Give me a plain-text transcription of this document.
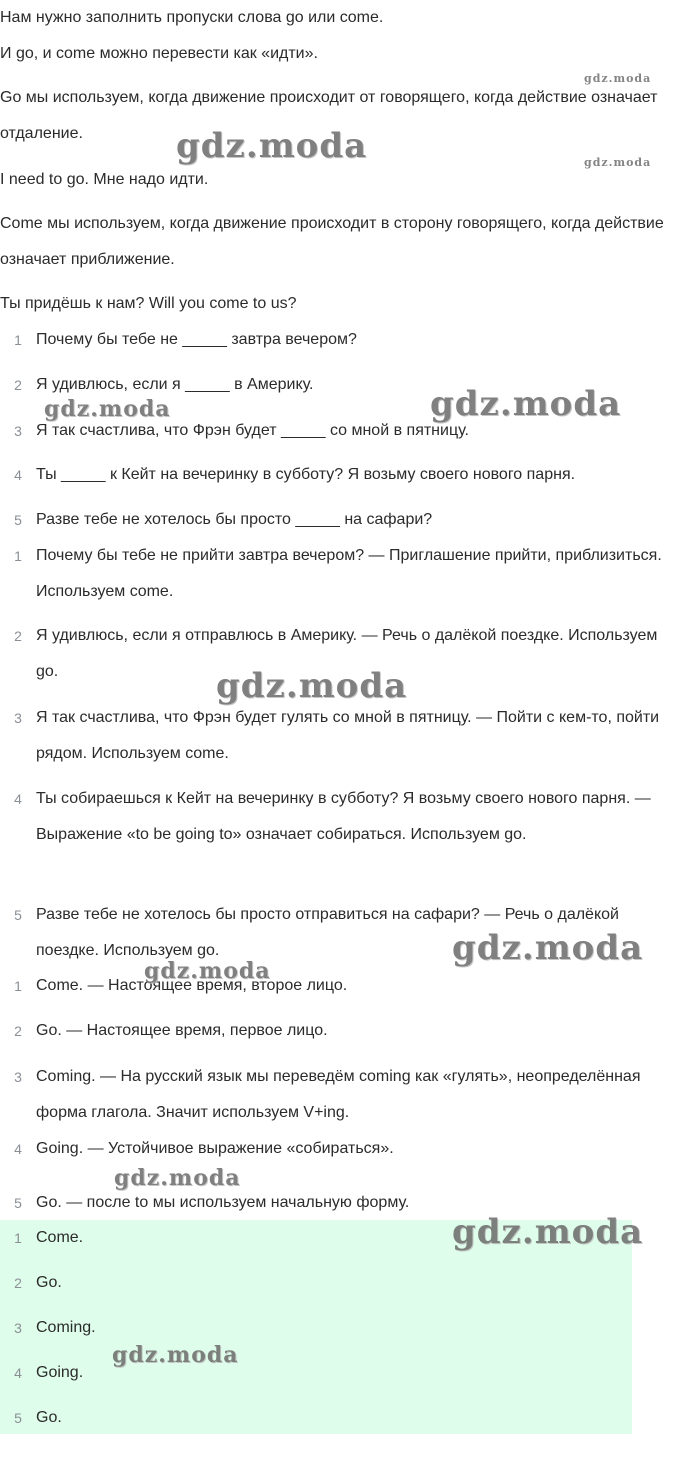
Нам нужно заполнить пропуски слова go или come.

И go, и come можно перевести как «идти».

Go мы используем, когда движение происходит от говорящего, когда действие означает отдаление.

I need to go. Мне надо идти.

Come мы используем, когда движение происходит в сторону говорящего, когда действие означает приближение.

Ты придёшь к нам? Will you come to us?

1 Почему бы тебе не _____ завтра вечером?
2 Я удивлюсь, если я _____ в Америку.
3 Я так счастлива, что Фрэн будет _____ со мной в пятницу.
4 Ты _____ к Кейт на вечеринку в субботу? Я возьму своего нового парня.
5 Разве тебе не хотелось бы просто _____ на сафари?
1 Почему бы тебе не прийти завтра вечером? — Приглашение прийти, приблизиться. Используем come.
2 Я удивлюсь, если я отправлюсь в Америку. — Речь о далёкой поездке. Используем go.
3 Я так счастлива, что Фрэн будет гулять со мной в пятницу. — Пойти с кем-то, пойти рядом. Используем come.
4 Ты собираешься к Кейт на вечеринку в субботу? Я возьму своего нового парня. — Выражение «to be going to» означает собираться. Используем go.
5 Разве тебе не хотелось бы просто отправиться на сафари? — Речь о далёкой поездке. Используем go.
1 Come. — Настоящее время, второе лицо.
2 Go. — Настоящее время, первое лицо.
3 Coming. — На русский язык мы переведём coming как «гулять», неопределённая форма глагола. Значит используем V+ing.
4 Going. — Устойчивое выражение «собираться».
5 Go. — после to мы используем начальную форму.
1 Come.
2 Go.
3 Coming.
4 Going.
5 Go.
gdz.moda
gdz.moda	gdz.moda
gdz.moda	gdz.moda
gdz.moda
gdz.moda
gdz.moda
gdz.moda
gdz.moda
gdz.moda
